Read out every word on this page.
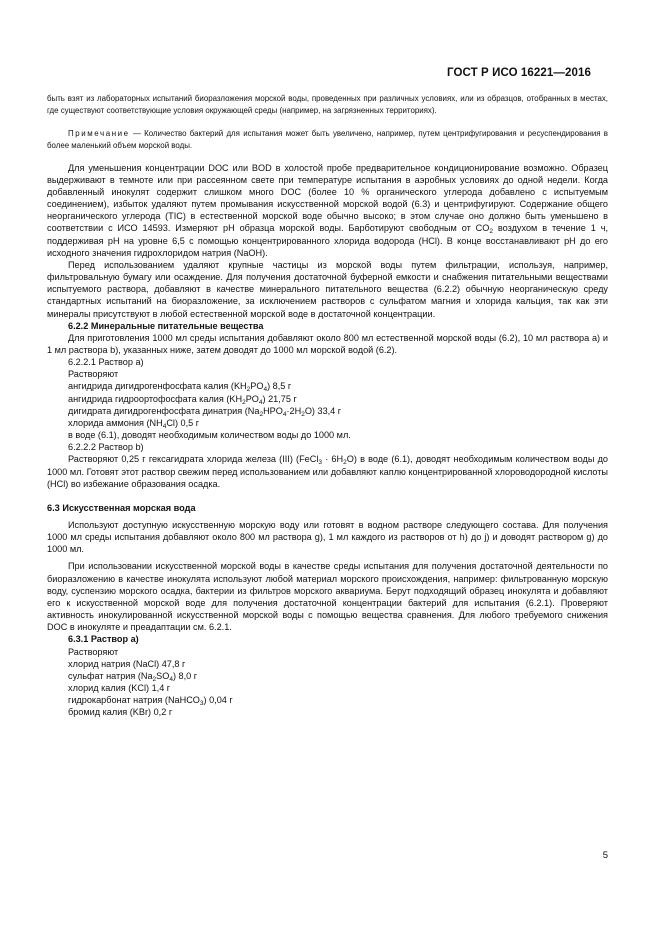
ГОСТ Р ИСО 16221—2016

быть взят из лабораторных испытаний биоразложения морской воды, проведенных при различных условиях, или из образцов, отобранных в местах, где существуют соответствующие условия окружающей среды (например, на загрязненных территориях).

Примечание — Количество бактерий для испытания может быть увеличено, например, путем центрифугирования и ресуспендирования в более маленький объем морской воды.

Для уменьшения концентрации DOC или BOD в холостой пробе предварительное кондиционирование возможно. Образец выдерживают в темноте или при рассеянном свете при температуре испытания в аэробных условиях до одной недели. Когда добавленный инокулят содержит слишком много DOC (более 10 % органического углерода добавлено с испытуемым соединением), избыток удаляют путем промывания искусственной морской водой (6.3) и центрифугируют. Содержание общего неорганического углерода (TIC) в естественной морской воде обычно высоко; в этом случае оно должно быть уменьшено в соответствии с ИСО 14593. Измеряют pH образца морской воды. Барботируют свободным от $CO_2$ воздухом в течение 1 ч, поддерживая pH на уровне 6,5 с помощью концентрированного хлорида водорода (HCl). В конце восстанавливают pH до его исходного значения гидрохлоридом натрия (NaOH).

Перед использованием удаляют крупные частицы из морской воды путем фильтрации, используя, например, фильтровальную бумагу или осаждение. Для получения достаточной буферной емкости и снабжения питательными веществами испытуемого раствора, добавляют в качестве минерального питательного вещества (6.2.2) обычную неорганическую среду стандартных испытаний на биоразложение, за исключением растворов с сульфатом магния и хлорида кальция, так как эти минералы присутствуют в любой естественной морской воде в достаточной концентрации.

6.2.2 Минеральные питательные вещества

Для приготовления 1000 мл среды испытания добавляют около 800 мл естественной морской воды (6.2), 10 мл раствора a) и 1 мл раствора b), указанных ниже, затем доводят до 1000 мл морской водой (6.2).

6.2.2.1 Раствор a)
Растворяют
ангидрида дигидрогенфосфата калия $(KH_2PO_4)$ 8,5 г
ангидрида гидроортофосфата калия $(KH_2PO_4)$ 21,75 г
дигидрата дигидрогенфосфата динатрия $(Na_2HPO_4\cdot 2H_2O)$ 33,4 г
хлорида аммония $(NH_4Cl)$ 0,5 г
в воде (6.1), доводят необходимым количеством воды до 1000 мл.
6.2.2.2 Раствор b)

Растворяют 0,25 г гексагидрата хлорида железа (III) (FeCl$_3$ · $6H_2O$) в воде (6.1), доводят необходимым количеством воды до 1000 мл. Готовят этот раствор свежим перед использованием или добавляют каплю концентрированной хлороводородной кислоты (HCl) во избежание образования осадка.

6.3 Искусственная морская вода

Используют доступную искусственную морскую воду или готовят в водном растворе следующего состава. Для получения 1000 мл среды испытания добавляют около 800 мл раствора g), 1 мл каждого из растворов от h) до j) и доводят раствором g) до 1000 мл.

При использовании искусственной морской воды в качестве среды испытания для получения достаточной деятельности по биоразложению в качестве инокулята используют любой материал морского происхождения, например: фильтрованную морскую воду, суспензию морского осадка, бактерии из фильтров морского аквариума. Берут подходящий образец инокулята и добавляют его к искусственной морской воде для получения достаточной концентрации бактерий для испытания (6.2.1). Проверяют активность инокулированной искусственной морской воды с помощью вещества сравнения. Для любого требуемого снижения DOC в инокуляте и преадаптации см. 6.2.1.

6.3.1 Раствор a)
Растворяют
хлорид натрия (NaCl) 47,8 г
сульфат натрия $(Na_2SO_4)$ 8,0 г
хлорид калия (KCl) 1,4 г
гидрокарбонат натрия (NaHCO$_3$) 0,04 г
бромид калия (KBr) 0,2 г
5
